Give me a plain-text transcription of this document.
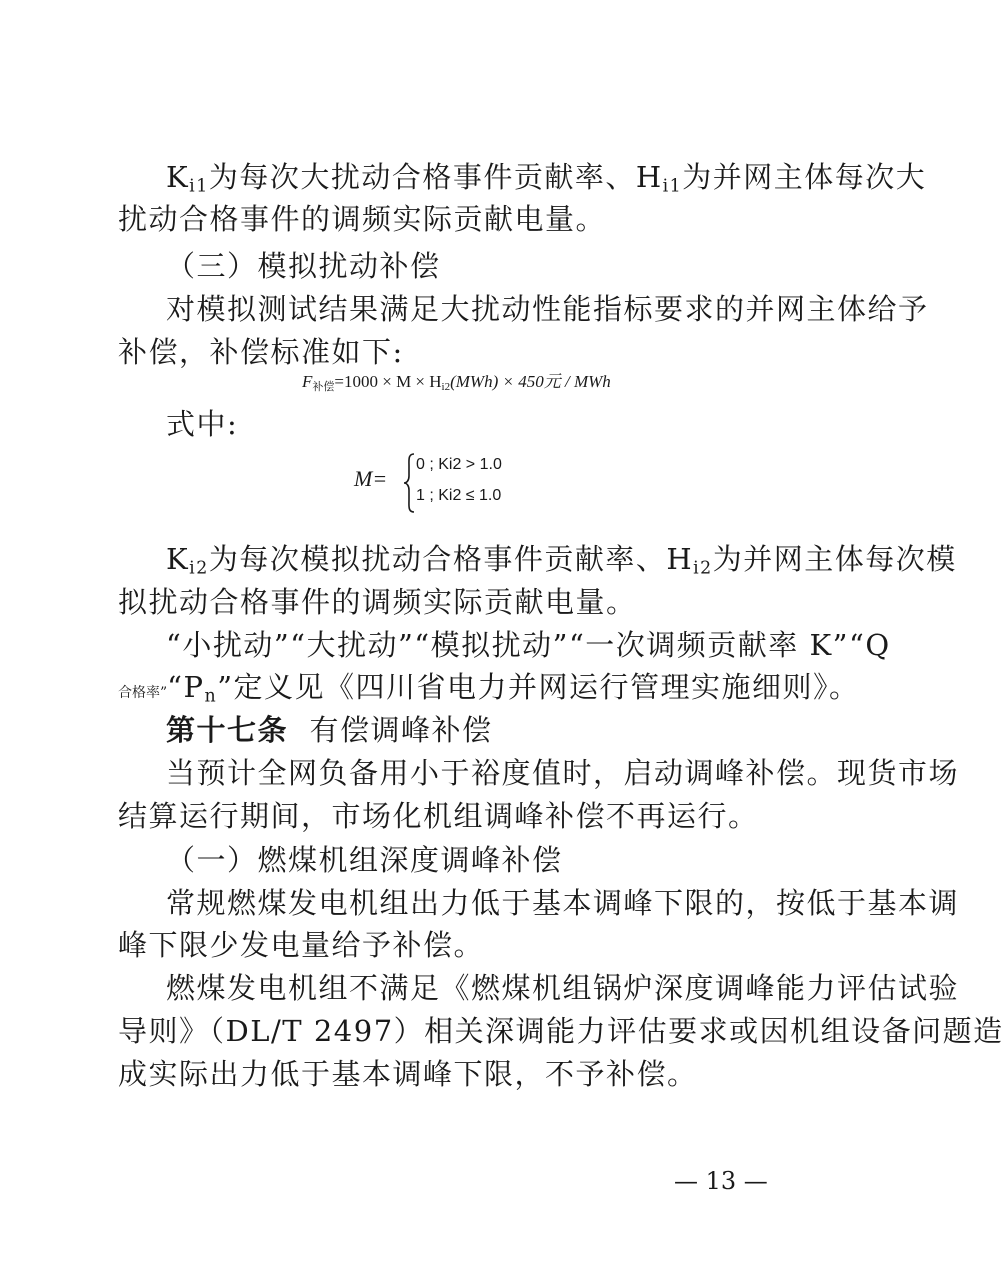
$K_{i1}$为每次大扰动合格事件贡献率、$H_{i1}$为并网主体每次大
扰动合格事件的调频实际贡献电量。
（三）模拟扰动补偿
对模拟测试结果满足大扰动性能指标要求的并网主体给予
补偿，补偿标准如下:
$F_{补偿}=1000 \times M \times H_{i2}(MWh) \times 450$元 / MWh
式中:
M=
0 ; Ki2 > 1.0
1 ; Ki2 ≤ 1.0
$K_{i2}$为每次模拟扰动合格事件贡献率、$H_{i2}$为并网主体每次模
拟扰动合格事件的调频实际贡献电量。
“小扰动”“大扰动”“模拟扰动”“一次调频贡献率 K”“Q
合格率$”“P_n$”定义见《四川省电力并网运行管理实施细则》。
第十七条 有偿调峰补偿
当预计全网负备用小于裕度值时，启动调峰补偿。现货市场
结算运行期间，市场化机组调峰补偿不再运行。
（一）燃煤机组深度调峰补偿
常规燃煤发电机组出力低于基本调峰下限的，按低于基本调
峰下限少发电量给予补偿。
燃煤发电机组不满足《燃煤机组锅炉深度调峰能力评估试验
导则》（DL/T 2497）相关深调能力评估要求或因机组设备问题造
成实际出力低于基本调峰下限，不予补偿。
— 13 —
